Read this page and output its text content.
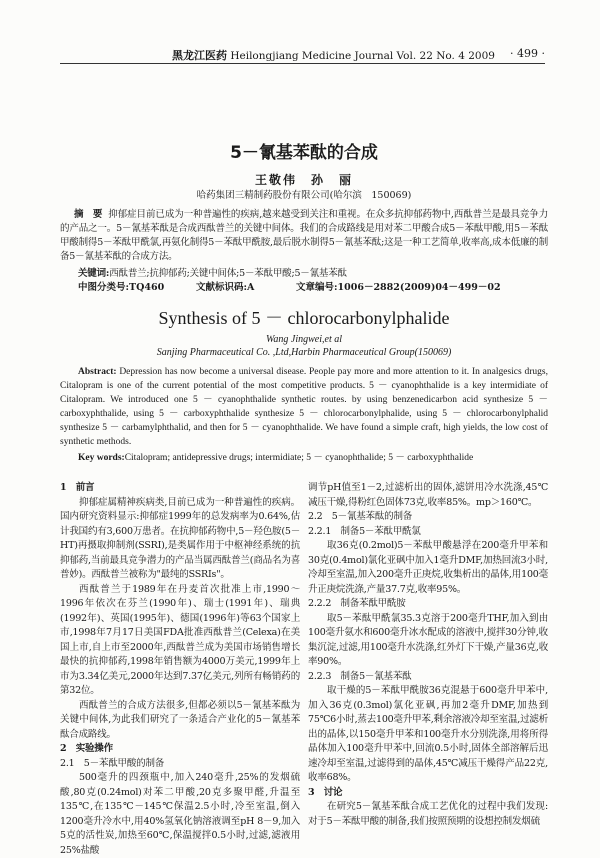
黑龙江医药 Heilongjiang Medicine Journal Vol. 22 No. 4 2009 · 499 ·
5－氰基苯酞的合成
王敬伟　孙　丽
哈药集团三精制药股份有限公司(哈尔滨　150069)
摘　要 抑郁症目前已成为一种普遍性的疾病,越来越受到关注和重视。在众多抗抑郁药物中,西酞普兰是最具竞争力的产品之一。5－氰基苯酞是合成西酞普兰的关键中间体。我们的合成路线是用对苯二甲酸合成5－苯酞甲酸,用5－苯酞甲酸制得5－苯酞甲酰氯,再氨化制得5－苯酞甲酰胺,最后脱水制得5－氰基苯酞;这是一种工艺简单,收率高,成本低廉的制备5－氰基苯酞的合成方法。
关键词:西酞普兰;抗抑郁药;关键中间体;5－苯酞甲酸;5－氰基苯酞
中图分类号:TQ460	文献标识码:A	文章编号:1006－2882(2009)04－499－02
Synthesis of 5 － chlorocarbonylphalide
Wang Jingwei,et al
Sanjing Pharmaceutical Co. ,Ltd,Harbin Pharmaceutical Group(150069)
Abstract: Depression has now become a universal disease. People pay more and more attention to it. In analgesics drugs, Citalopram is one of the current potential of the most competitive products. 5 － cyanophthalide is a key intermidiate of Citalopram. We introduced one 5 － cyanophthalide synthetic routes. by using benzenedicarbon acid synthesize 5 － carboxyphthalide, using 5 － carboxyphthalide synthesize 5 － chlorocarbonylphalide, using 5 － chlorocarbonylphalid synthesize 5 － carbamylphthalid, and then for 5 － cyanophthalide. We have found a simple craft, high yields, the low cost of synthetic methods.
Key words:Citalopram; antidepressive drugs; intermidiate; 5 － cyanophthalide; 5 － carboxyphthalide
1　前言

抑郁症属精神疾病类,目前已成为一种普遍性的疾病。国内研究资料显示:抑郁症1999年的总发病率为0.64%,估计我国约有3,600万患者。在抗抑郁药物中,5－羟色胺(5－HT)再摄取抑制剂(SSRI),是类属作用于中枢神经系统的抗抑郁药,当前最具竞争潜力的产品当属西酞普兰(商品名为喜普妙)。西酞普兰被称为"最纯的SSRIs"。

西酞普兰于1989年在丹麦首次批准上市,1990～1996年依次在芬兰(1990年)、瑞士(1991年)、瑞典(1992年)、英国(1995年)、德国(1996年)等63个国家上市,1998年7月17日美国FDA批准西酞普兰(Celexa)在美国上市,自上市至2000年,西酞普兰成为美国市场销售增长最快的抗抑郁药,1998年销售额为4000万美元,1999年上市为3.34亿美元,2000年达到7.37亿美元,列所有畅销药的第32位。

西酞普兰的合成方法很多,但都必须以5－氰基苯酞为关键中间体,为此我们研究了一条适合产业化的5－氰基苯酞合成路线。

2　实验操作
2.1　5－苯酞甲酸的制备

500毫升的四颈瓶中,加入240毫升,25%的发烟硫酸,80克(0.24mol)对苯二甲酸,20克多聚甲醛,升温至135℃,在135℃－145℃保温2.5小时,冷至室温,倒入1200毫升冷水中,用40%氢氧化钠溶液调至pH 8－9,加入5克的活性炭,加热至60℃,保温搅拌0.5小时,过滤,滤液用25%盐酸

调节pH值至1－2,过滤析出的固体,滤饼用冷水洗涤,45℃减压干燥,得粉红色固体73克,收率85%。mp＞160℃。

2.2　5－氰基苯酞的制备
2.2.1　制备5－苯酞甲酰氯

取36克(0.2mol)5－苯酞甲酸悬浮在200毫升甲苯和30克(0.4mol)氯化亚砜中加入1毫升DMF,加热回流3小时,冷却至室温,加入200毫升正庚烷,收集析出的晶体,用100毫升正庚烷洗涤,产量37.7克,收率95%。

2.2.2　制备苯酞甲酰胺

取5－苯酞甲酰氯35.3克溶于200毫升THF,加入到由100毫升氨水和600毫升冰水配成的溶液中,搅拌30分钟,收集沉淀,过滤,用100毫升水洗涤,红外灯下干燥,产量36克,收率90%。

2.2.3　制备5－氰基苯酞

取干燥的5－苯酞甲酰胺36克混悬于600毫升甲苯中,加入36克(0.3mol)氯化亚砜,再加2毫升DMF,加热到75℃6小时,蒸去100毫升甲苯,剩余溶液冷却至室温,过滤析出的晶体,以150毫升甲苯和100毫升水分别洗涤,用将所得晶体加入100毫升甲苯中,回流0.5小时,固体全部溶解后迅速冷却至室温,过滤得到的晶体,45℃减压干燥得产品22克,收率68%。

3　讨论

在研究5－氰基苯酞合成工艺优化的过程中我们发现:对于5－苯酞甲酸的制备,我们按照预期的设想控制发烟硫
